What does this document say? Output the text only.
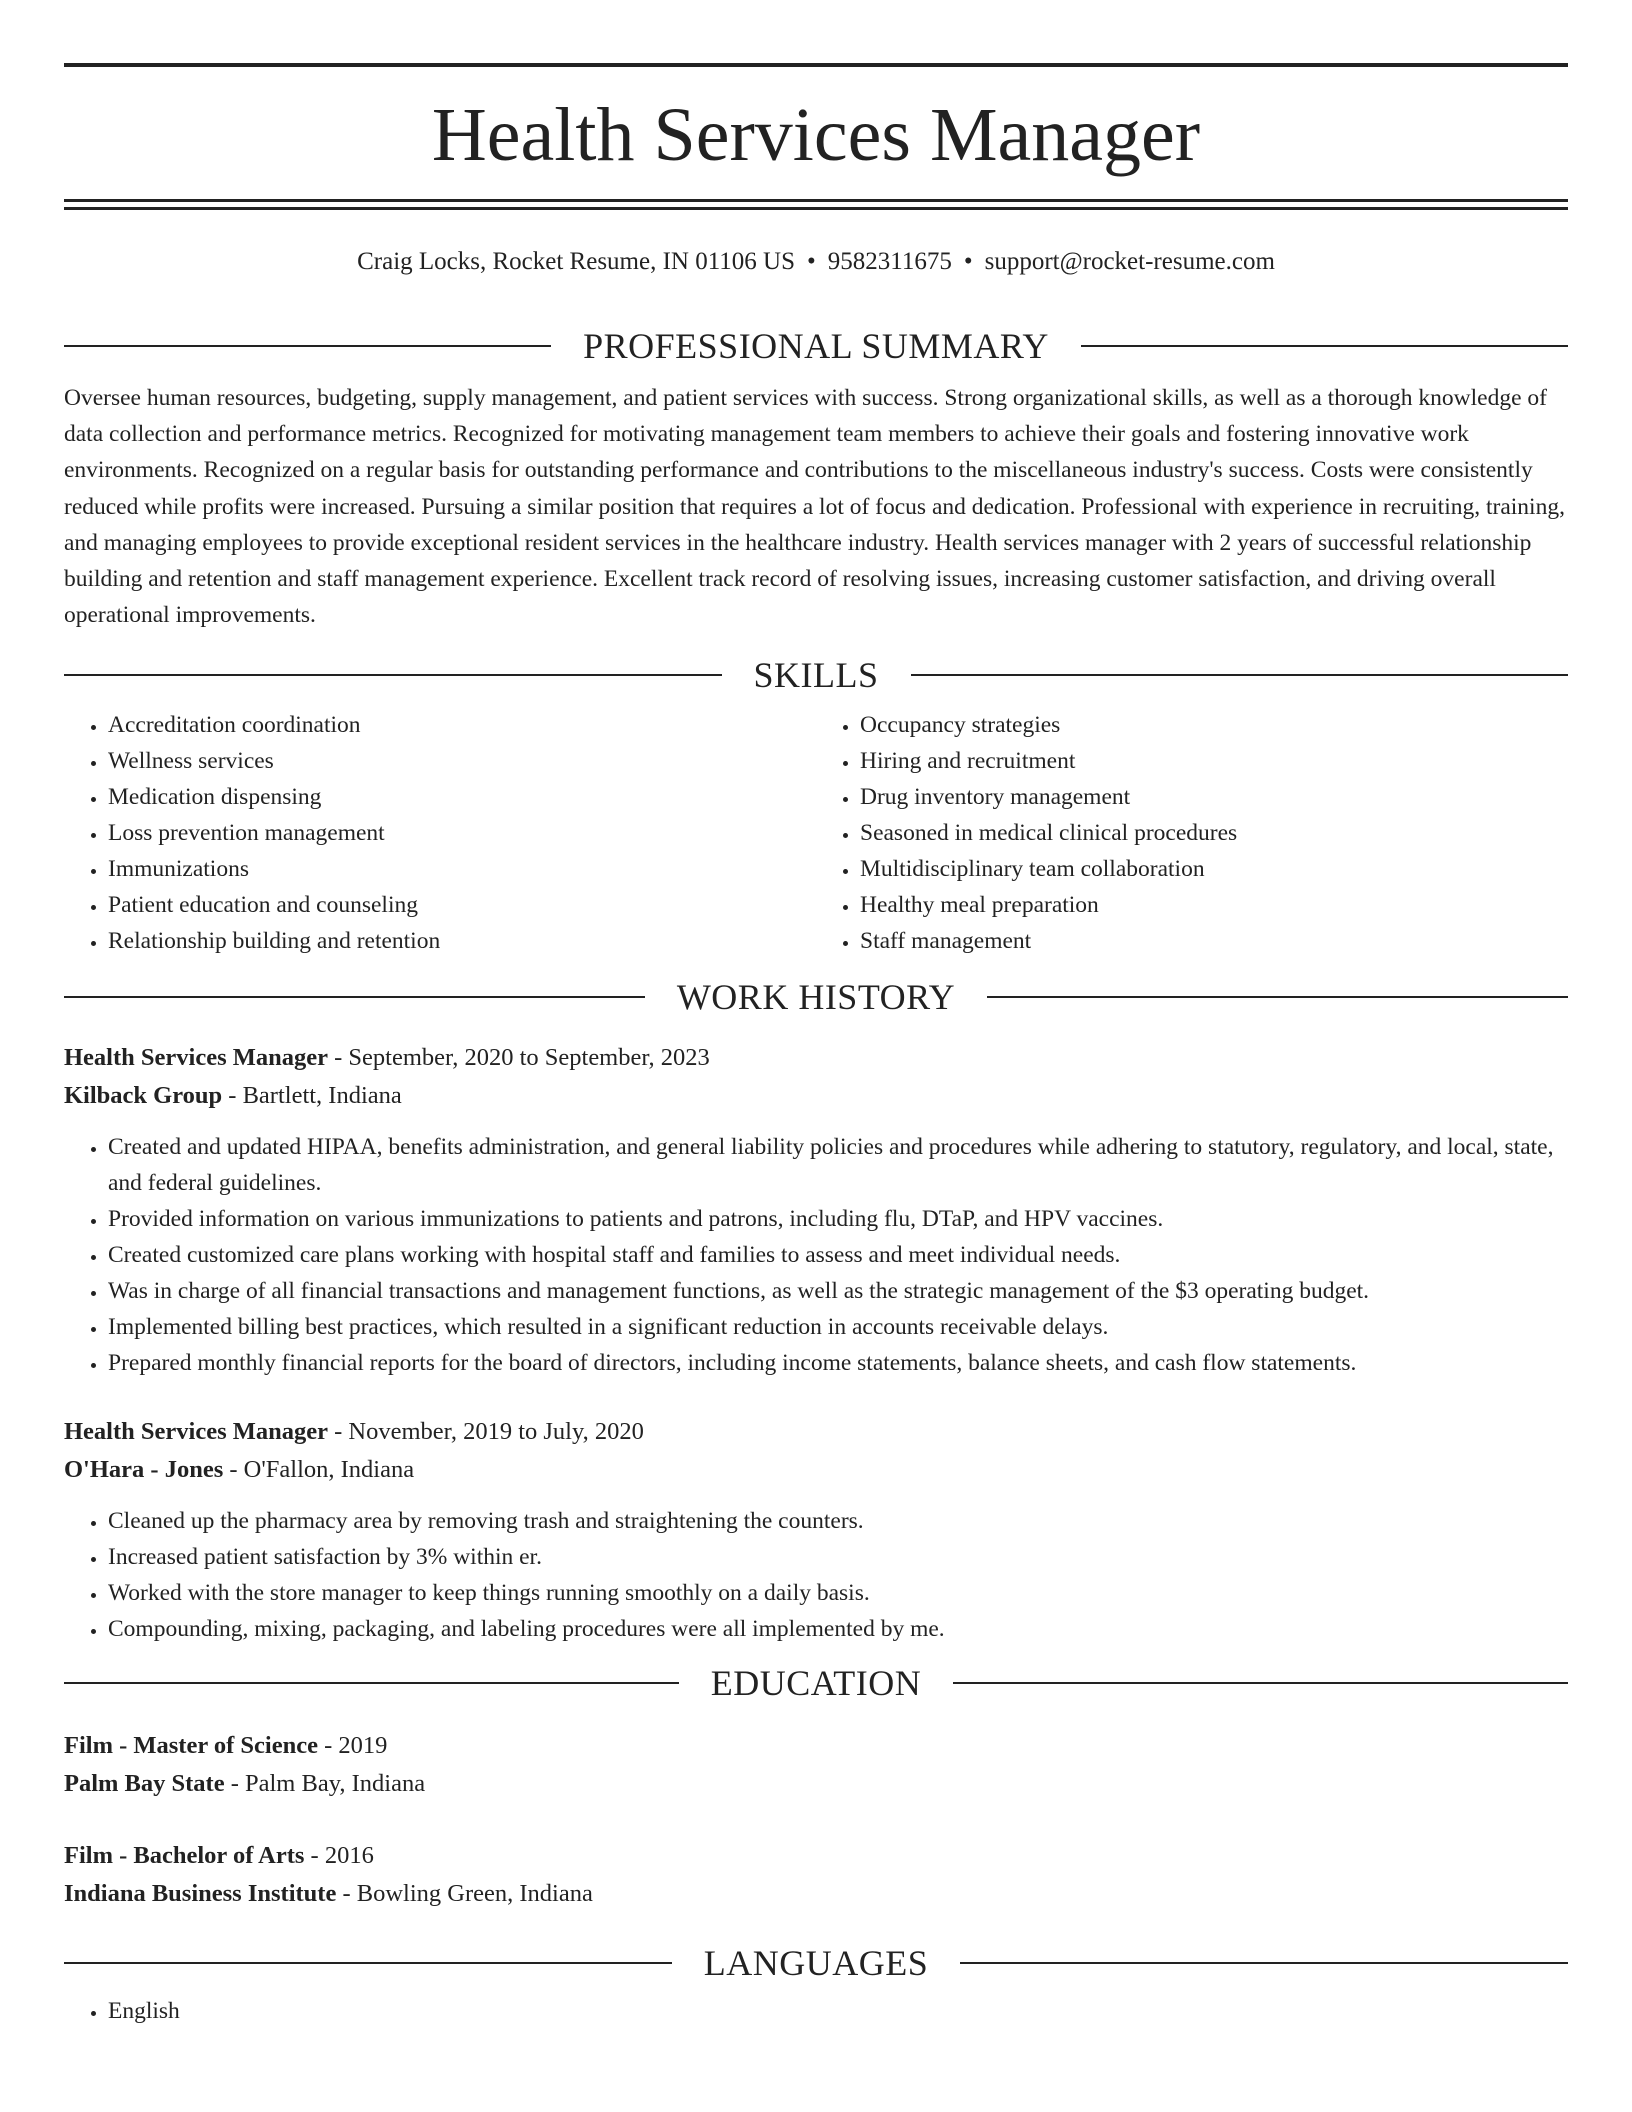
Health Services Manager
Craig Locks, Rocket Resume, IN 01106 US • 9582311675 • support@rocket-resume.com
PROFESSIONAL SUMMARY

Oversee human resources, budgeting, supply management, and patient services with success. Strong organizational skills, as well as a thorough knowledge of data collection and performance metrics. Recognized for motivating management team members to achieve their goals and fostering innovative work environments. Recognized on a regular basis for outstanding performance and contributions to the miscellaneous industry's success. Costs were consistently reduced while profits were increased. Pursuing a similar position that requires a lot of focus and dedication. Professional with experience in recruiting, training, and managing employees to provide exceptional resident services in the healthcare industry. Health services manager with 2 years of successful relationship building and retention and staff management experience. Excellent track record of resolving issues, increasing customer satisfaction, and driving overall operational improvements.

SKILLS
• Accreditation coordination
• Wellness services
• Medication dispensing
• Loss prevention management
• Immunizations
• Patient education and counseling
• Relationship building and retention
• Occupancy strategies
• Hiring and recruitment
• Drug inventory management
• Seasoned in medical clinical procedures
• Multidisciplinary team collaboration
• Healthy meal preparation
• Staff management
WORK HISTORY
Health Services Manager - September, 2020 to September, 2023
Kilback Group - Bartlett, Indiana
• Created and updated HIPAA, benefits administration, and general liability policies and procedures while adhering to statutory, regulatory, and local, state, and federal guidelines.
• Provided information on various immunizations to patients and patrons, including flu, DTaP, and HPV vaccines.
• Created customized care plans working with hospital staff and families to assess and meet individual needs.
• Was in charge of all financial transactions and management functions, as well as the strategic management of the $3 operating budget.
• Implemented billing best practices, which resulted in a significant reduction in accounts receivable delays.
• Prepared monthly financial reports for the board of directors, including income statements, balance sheets, and cash flow statements.
Health Services Manager - November, 2019 to July, 2020
O'Hara - Jones - O'Fallon, Indiana
• Cleaned up the pharmacy area by removing trash and straightening the counters.
• Increased patient satisfaction by 3% within er.
• Worked with the store manager to keep things running smoothly on a daily basis.
• Compounding, mixing, packaging, and labeling procedures were all implemented by me.
EDUCATION
Film - Master of Science - 2019
Palm Bay State - Palm Bay, Indiana
Film - Bachelor of Arts - 2016
Indiana Business Institute - Bowling Green, Indiana
LANGUAGES
• English
